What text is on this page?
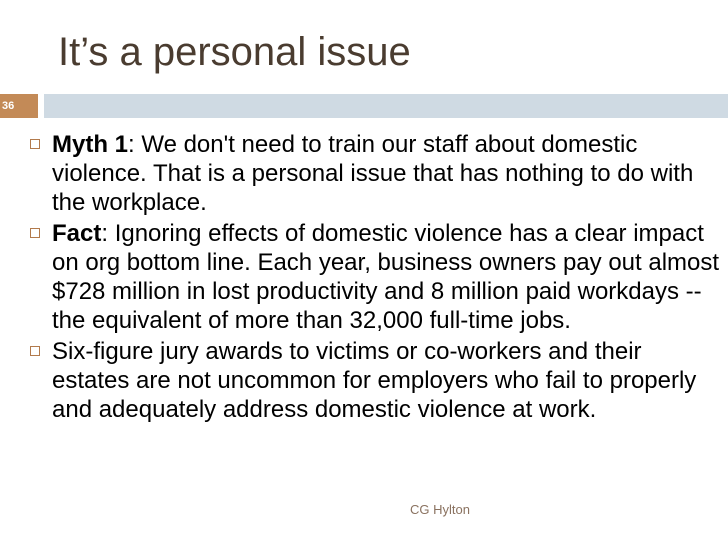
It’s a personal issue
36
Myth 1: We don't need to train our staff about domestic violence. That is a personal issue that has nothing to do with the workplace.
Fact: Ignoring effects of domestic violence has a clear impact on org bottom line. Each year, business owners pay out almost $728 million in lost productivity and 8 million paid workdays -- the equivalent of more than 32,000 full-time jobs.
Six-figure jury awards to victims or co-workers and their estates are not uncommon for employers who fail to properly and adequately address domestic violence at work.
CG Hylton
